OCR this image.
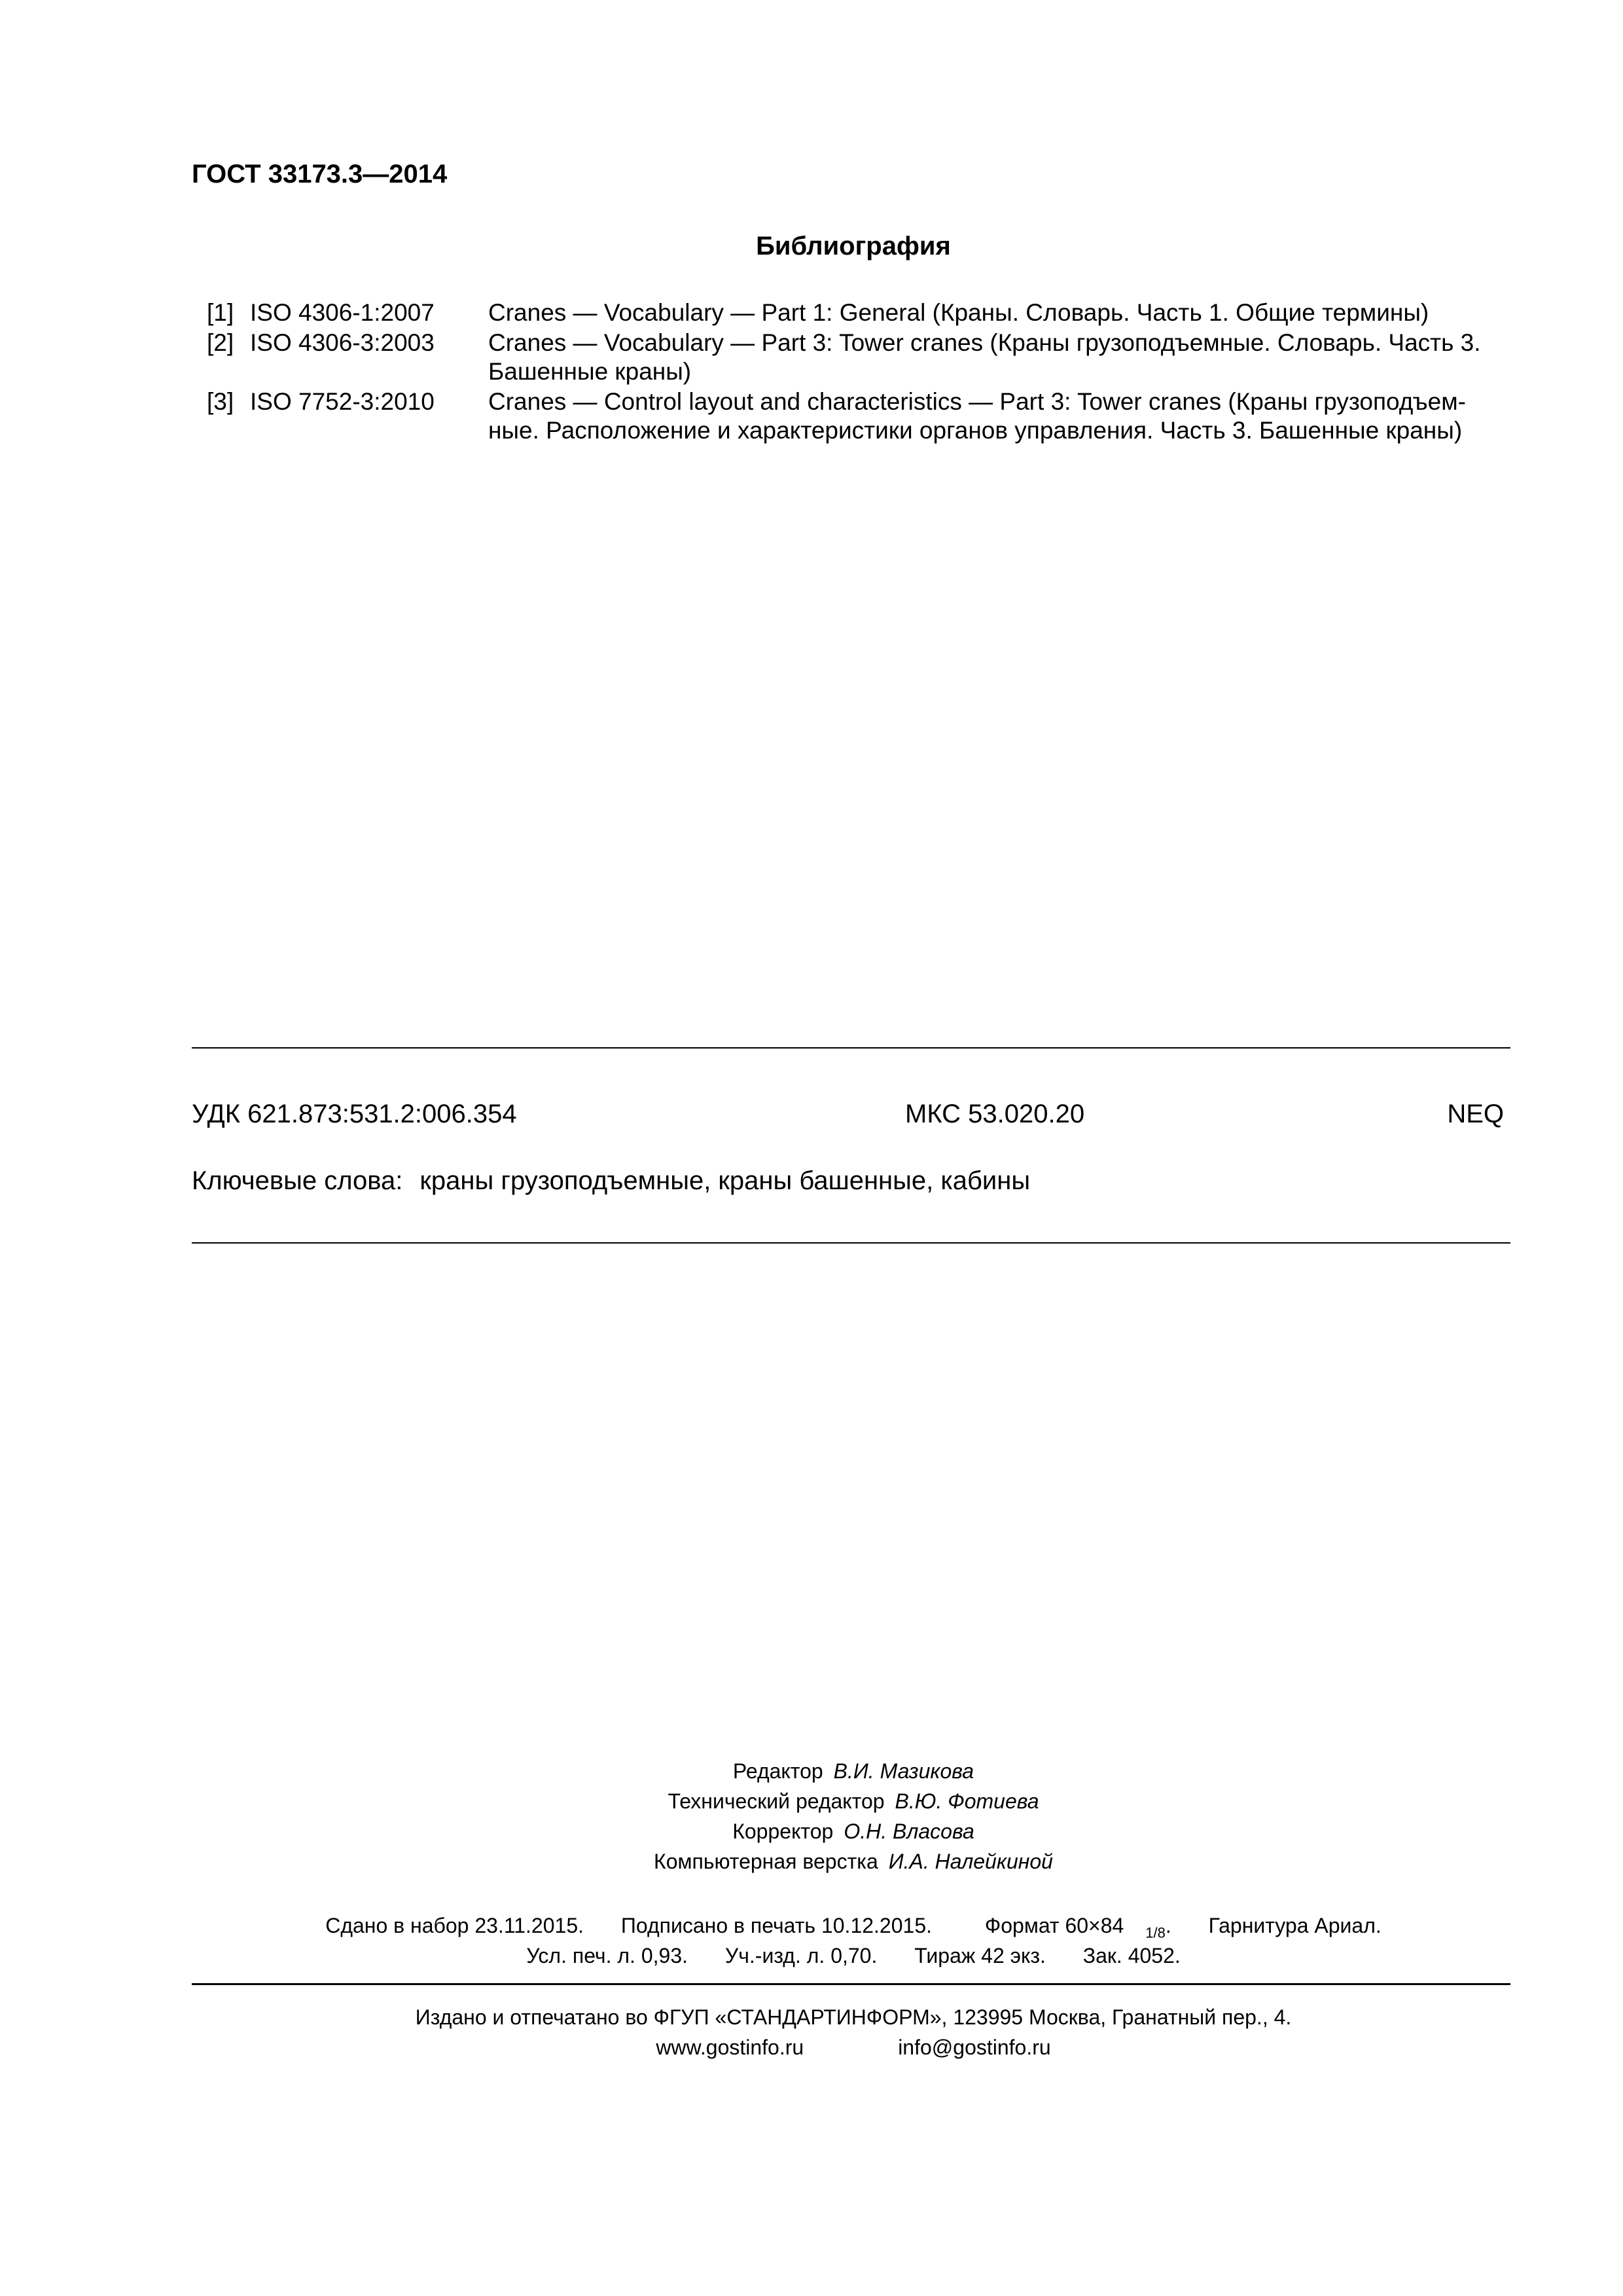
ГОСТ 33173.3—2014
Библиография
[1] ISO 4306-1:2007 Cranes — Vocabulary — Part 1: General (Краны. Словарь. Часть 1. Общие термины)
[2] ISO 4306-3:2003 Cranes — Vocabulary — Part 3: Tower cranes (Краны грузоподъемные. Словарь. Часть 3.
Башенные краны)
[3] ISO 7752-3:2010 Cranes — Control layout and characteristics — Part 3: Tower cranes (Краны грузоподъем-
ные. Расположение и характеристики органов управления. Часть 3. Башенные краны)
УДК 621.873:531.2:006.354	МКС 53.020.20	NEQ
Ключевые слова: краны грузоподъемные, краны башенные, кабины
Редактор В.И. Мазикова
Технический редактор В.Ю. Фотиева
Корректор О.Н. Власова
Компьютерная верстка И.А. Налейкиной
Сдано в набор 23.11.2015. Подписано в печать 10.12.2015.	Формат 60×84 $_{1/8}$. Гарнитура Ариал.
Усл. печ. л. 0,93. Уч.-изд. л. 0,70. Тираж 42 экз. Зак. 4052.
Издано и отпечатано во ФГУП «СТАНДАРТИНФОРМ», 123995 Москва, Гранатный пер., 4.
www.gostinfo.ru	info@gostinfo.ru
